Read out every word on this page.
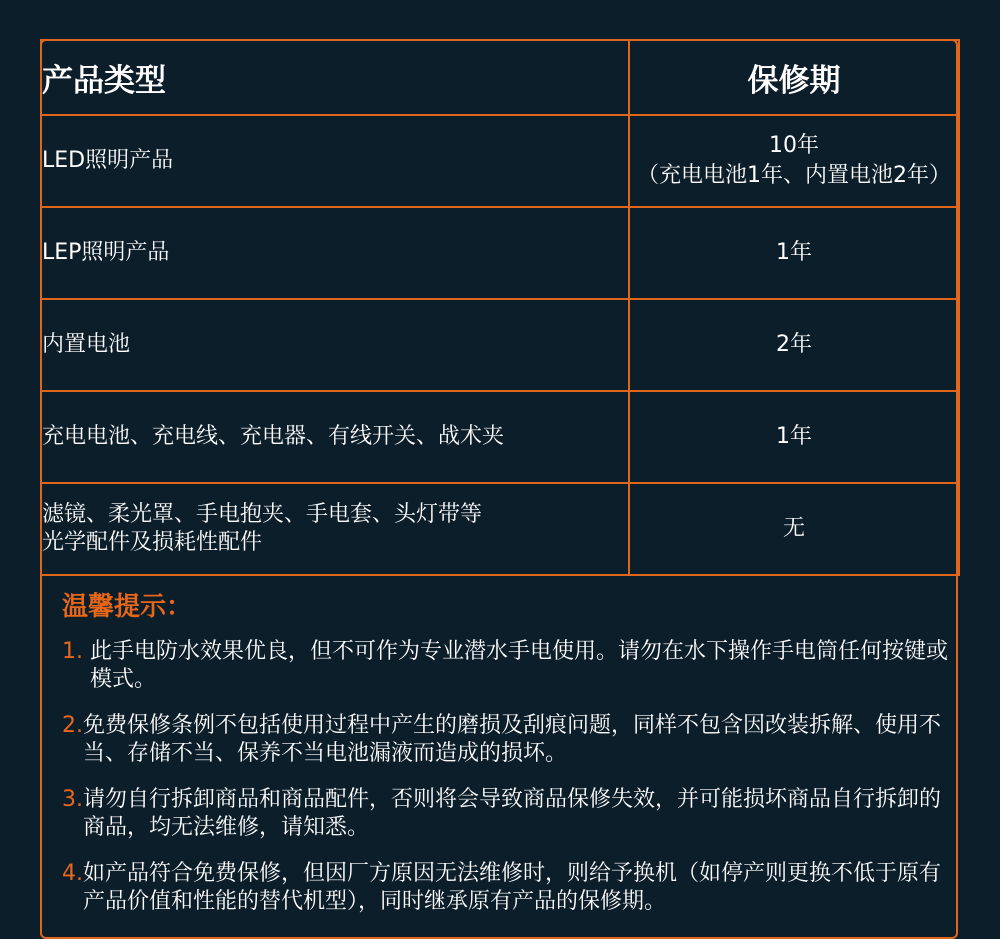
产品类型	保修期

LED照明产品	10年
（充电电池1年、内置电池2年）

LEP照明产品	1年

内置电池	2年

充电电池、充电线、充电器、有线开关、战术夹	1年

滤镜、柔光罩、手电抱夹、手电套、头灯带等
光学配件及损耗性配件	无
温馨提示：
1. 此手电防水效果优良，但不可作为专业潜水手电使用。请勿在水下操作手电筒任何按键或模式。
2. 免费保修条例不包括使用过程中产生的磨损及刮痕问题，同样不包含因改装拆解、使用不当、存储不当、保养不当电池漏液而造成的损坏。
3. 请勿自行拆卸商品和商品配件，否则将会导致商品保修失效，并可能损坏商品自行拆卸的商品，均无法维修，请知悉。
4. 如产品符合免费保修，但因厂方原因无法维修时，则给予换机（如停产则更换不低于原有产品价值和性能的替代机型），同时继承原有产品的保修期。
